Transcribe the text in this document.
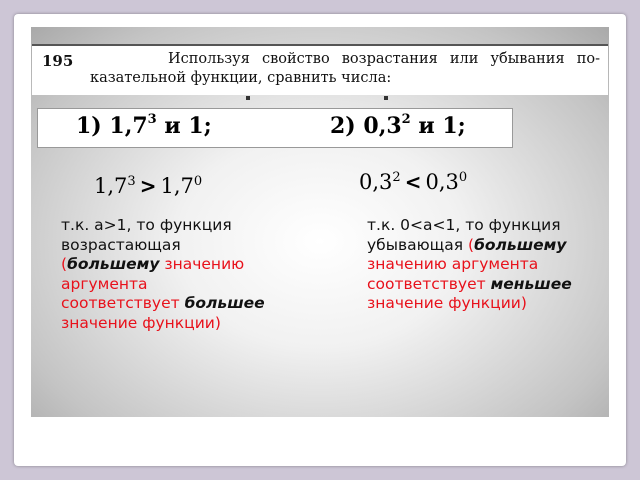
195	Используя свойство возрастания или убывания по-казательной функции, сравнить числа:
1) $1,7^3$ и 1;	2) $0,3^2$ и 1;
$1,7^3 > 1,7^0$	$0,3^2 < 0,3^0$
т.к. а>1, то функция возрастающая (большему значению аргумента соответствует большее значение функции)
т.к. 0<a<1, то функция убывающая (большему значению аргумента соответствует меньшее значение функции)
